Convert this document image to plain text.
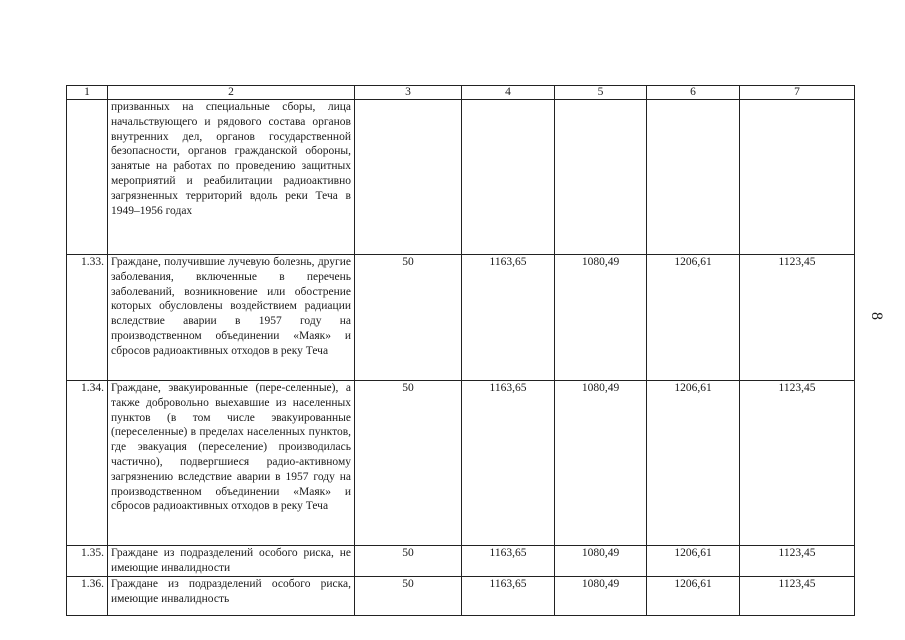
1	2	3	4	5	6	7
	призванных на специальные сборы, лица начальствующего и рядового состава органов внутренних дел, органов государственной безопасности, органов гражданской обороны, занятые на работах по проведению защитных мероприятий и реабилитации радиоактивно загрязненных территорий вдоль реки Теча в 1949–1956 годах					
1.33.	Граждане, получившие лучевую болезнь, другие заболевания, включенные в перечень заболеваний, возникновение или обострение которых обусловлены воздействием радиации вследствие аварии в 1957 году на производственном объединении «Маяк» и сбросов радиоактивных отходов в реку Теча	50	1163,65	1080,49	1206,61	1123,45
1.34.	Граждане, эвакуированные (пере-селенные), а также добровольно выехавшие из населенных пунктов (в том числе эвакуированные (переселенные) в пределах населенных пунктов, где эвакуация (переселение) производилась частично), подвергшиеся радио-активному загрязнению вследствие аварии в 1957 году на производственном объединении «Маяк» и сбросов радиоактивных отходов в реку Теча	50	1163,65	1080,49	1206,61	1123,45
1.35.	Граждане из подразделений особого риска, не имеющие инвалидности	50	1163,65	1080,49	1206,61	1123,45
1.36.	Граждане из подразделений особого риска, имеющие инвалидность	50	1163,65	1080,49	1206,61	1123,45
8
